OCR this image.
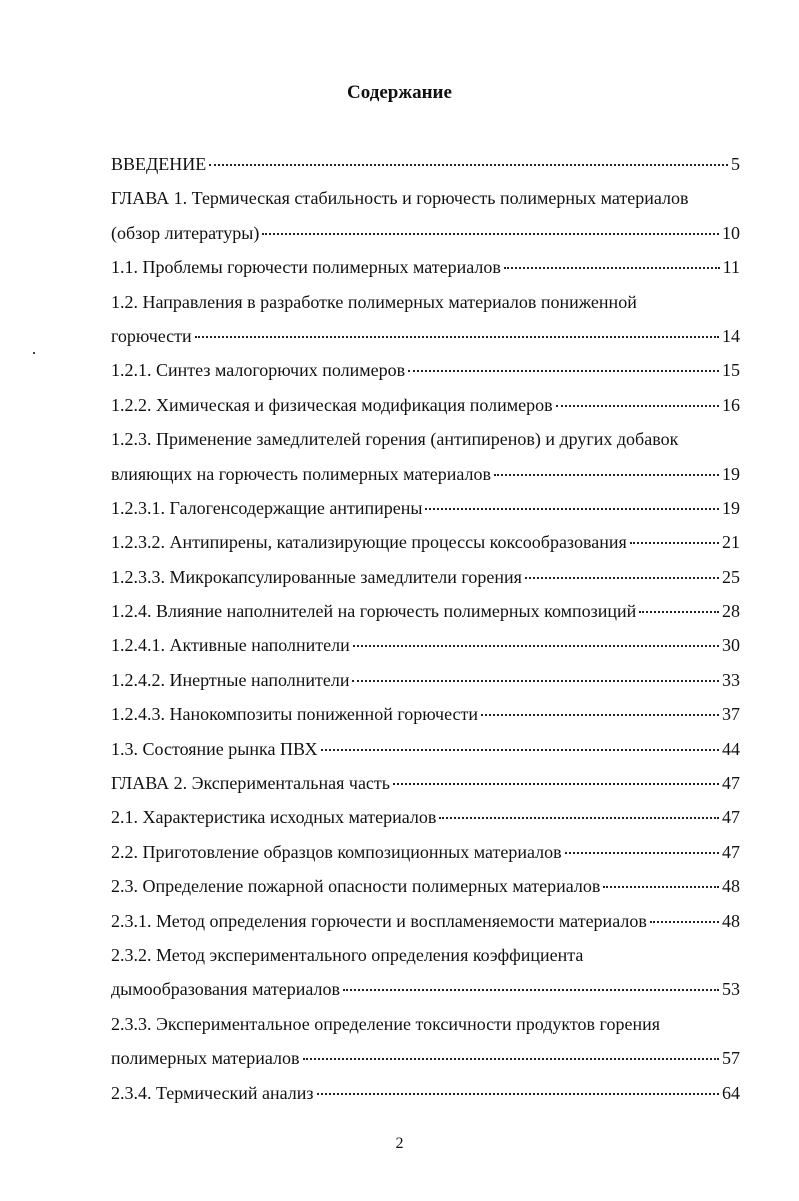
Содержание
ВВЕДЕНИЕ	5
ГЛАВА 1. Термическая стабильность и горючесть полимерных материалов
(обзор литературы)	10
1.1. Проблемы горючести полимерных материалов	11
1.2. Направления в разработке полимерных материалов пониженной
горючести	14
1.2.1. Синтез малогорючих полимеров	15
1.2.2. Химическая и физическая модификация полимеров	16
1.2.3. Применение замедлителей горения (антипиренов) и других добавок
влияющих на горючесть полимерных материалов	19
1.2.3.1. Галогенсодержащие антипирены	19
1.2.3.2. Антипирены, катализирующие процессы коксообразования	21
1.2.3.3. Микрокапсулированные замедлители горения	25
1.2.4. Влияние наполнителей на горючесть полимерных композиций	28
1.2.4.1. Активные наполнители	30
1.2.4.2. Инертные наполнители	33
1.2.4.3. Нанокомпозиты пониженной горючести	37
1.3. Состояние рынка ПВХ	44
ГЛАВА 2. Экспериментальная часть	47
2.1. Характеристика исходных материалов	47
2.2. Приготовление образцов композиционных материалов	47
2.3. Определение пожарной опасности полимерных материалов	48
2.3.1. Метод определения горючести и воспламеняемости материалов	48
2.3.2. Метод экспериментального определения коэффициента
дымообразования материалов	53
2.3.3. Экспериментальное определение токсичности продуктов горения
полимерных материалов	57
2.3.4. Термический анализ	64
2
